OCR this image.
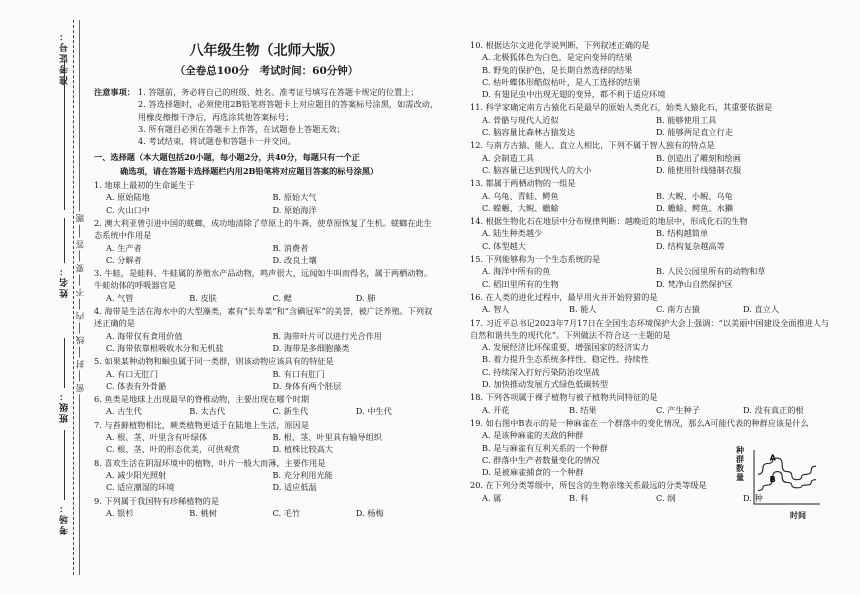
准考证号：
姓名：
班级：
考场：
题
答
要
不
内
线
封
密
八年级生物（北师大版）
（全卷总100分　考试时间：60分钟）
注意事项： 1. 答题前，务必将自己的班级、姓名、准考证号填写在答题卡规定的位置上；
2. 答选择题时，必须使用2B铅笔将答题卡上对应题目的答案标号涂黑，如需改动，用橡皮擦擦干净后，再选涂其他答案标号；
3. 所有题目必须在答题卡上作答，在试题卷上答题无效；
4. 考试结束，将试题卷和答题卡一并交回。
一、选择题（本大题包括20小题，每小题2分，共40分，每题只有一个正
确选项，请在答题卡选择题栏内用2B铅笔将对应题目答案的标号涂黑）
1. 地球上最初的生命诞生于
A. 原始陆地	B. 原始大气
C. 火山口中	D. 原始海洋
2. 澳大利亚曾引进中国的蜣螂，成功地清除了草原上的牛粪，使草原恢复了生机。蜣螂在此生态系统中作用是
A. 生产者	B. 消费者
C. 分解者	D. 改良土壤
3. 牛蛙，是蛙科、牛蛙属的养殖水产品动物，鸣声很大，远闻如牛叫而得名，属于两栖动物。牛蛙幼体的呼吸器官是
A. 气管	B. 皮肤	C. 鳃	D. 肺
4. 海带是生活在海水中的大型藻类，素有“长寿菜”和“含碘冠军”的美誉，被广泛养殖。下列叙述正确的是
A. 海带仅有食用价值	B. 海带叶片可以进行光合作用
C. 海带依靠根吸收水分和无机盐	D. 海带是多细胞藻类
5. 如果某种动物和蛔虫属于同一类群，则该动物应该具有的特征是
A. 有口无肛门	B. 有口有肛门
C. 体表有外骨骼	D. 身体有两个胚层
6. 鱼类是地球上出现最早的脊椎动物，主要出现在哪个时期
A. 古生代	B. 太古代	C. 新生代	D. 中生代
7. 与苔藓植物相比，蕨类植物更适于在陆地上生活，原因是
A. 根、茎、叶里含有叶绿体	B. 根、茎、叶里具有输导组织
C. 根、茎、叶的形态优美，可供观赏	D. 植株比较高大
8. 喜欢生活在阴湿环境中的植物，叶片一般大而薄，主要作用是
A. 减少阳光照射	B. 充分利用光能
C. 适应潮湿的环境	D. 适应低温
9. 下列属于我国特有珍稀植物的是
A. 银杉	B. 桃树	C. 毛竹	D. 杨梅
10. 根据达尔文进化学说判断，下列叙述正确的是
A. 北极狐体色为白色，是定向变异的结果
B. 野兔的保护色，是长期自然选择的结果
C. 枯叶蝶体形酷似枯叶，是人工选择的结果
D. 有翅昆虫中出现无翅的变异，都不利于适应环境
11. 科学家确定南方古猿化石是最早的原始人类化石，始类人猿化石，其重要依据是
A. 骨骼与现代人近似	B. 能够使用工具
C. 脑容量比森林古猿发达	D. 能够两足直立行走
12. 与南方古猿、能人、直立人相比，下列不属于智人独有的特点是
A. 会制造工具	B. 创造出了雕刻和绘画
C. 脑容量已达到现代人的大小	D. 能使用针线缝制衣服
13. 都属于两栖动物的一组是
A. 乌龟、青蛙、鳄鱼	B. 大鲵、小鲵、乌龟
C. 蝾螈、大鲵、蟾蜍	D. 蟾蜍、鳄鱼、水獭
14. 根据生物化石在地层中分布规律判断：越晚近的地层中，形成化石的生物
A. 陆生种类越少	B. 结构越简单
C. 体型越大	D. 结构复杂越高等
15. 下列能够称为一个生态系统的是
A. 海洋中所有的鱼	B. 人民公园里所有的动物和草
C. 稻田里所有的生物	D. 梵净山自然保护区
16. 在人类的进化过程中，最早用火并开始狩猎的是
A. 智人	B. 能人	C. 南方古猿	D. 直立人
17. 习近平总书记2023年7月17日在全国生态环境保护大会上强调：“以美丽中国建设全面推进人与自然和谐共生的现代化”。下列做法不符合这一主题的是
A. 发展经济比环保重要，增强国家的经济实力
B. 着力提升生态系统多样性、稳定性、持续性
C. 持续深入打好污染防治攻坚战
D. 加快推动发展方式绿色低碳转型
18. 下列各项属于裸子植物与被子植物共同特征的是
A. 开花	B. 结果	C. 产生种子	D. 没有真正的根
19. 如右图中B表示的是一种麻雀在一个群落中的变化情况，那么A可能代表的种群应该是什么
A. 是该种麻雀的天敌的种群
B. 是与麻雀有互利关系的一个种群
C. 群落中生产者数量变化的情况
D. 是被麻雀捕食的一个种群
20. 在下列分类等级中，所包含的生物亲缘关系最远的分类等级是
A. 属	B. 科	C. 纲	D. 种
种群数量
A
B
时间
